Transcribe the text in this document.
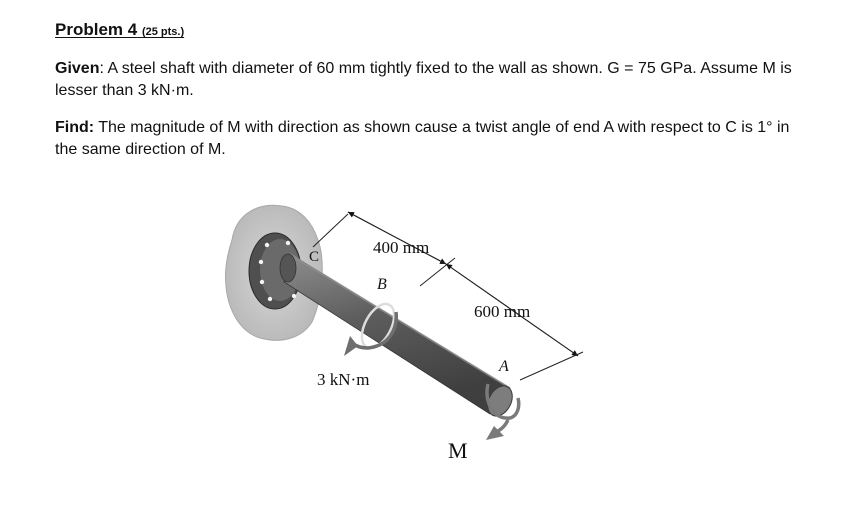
Problem 4 (25 pts.)
Given: A steel shaft with diameter of 60 mm tightly fixed to the wall as shown. G = 75 GPa. Assume M is lesser than 3 kN·m.
Find: The magnitude of M with direction as shown cause a twist angle of end A with respect to C is 1° in the same direction of M.
C	400 mm
B
600 mm
A
3 kN·m
M
